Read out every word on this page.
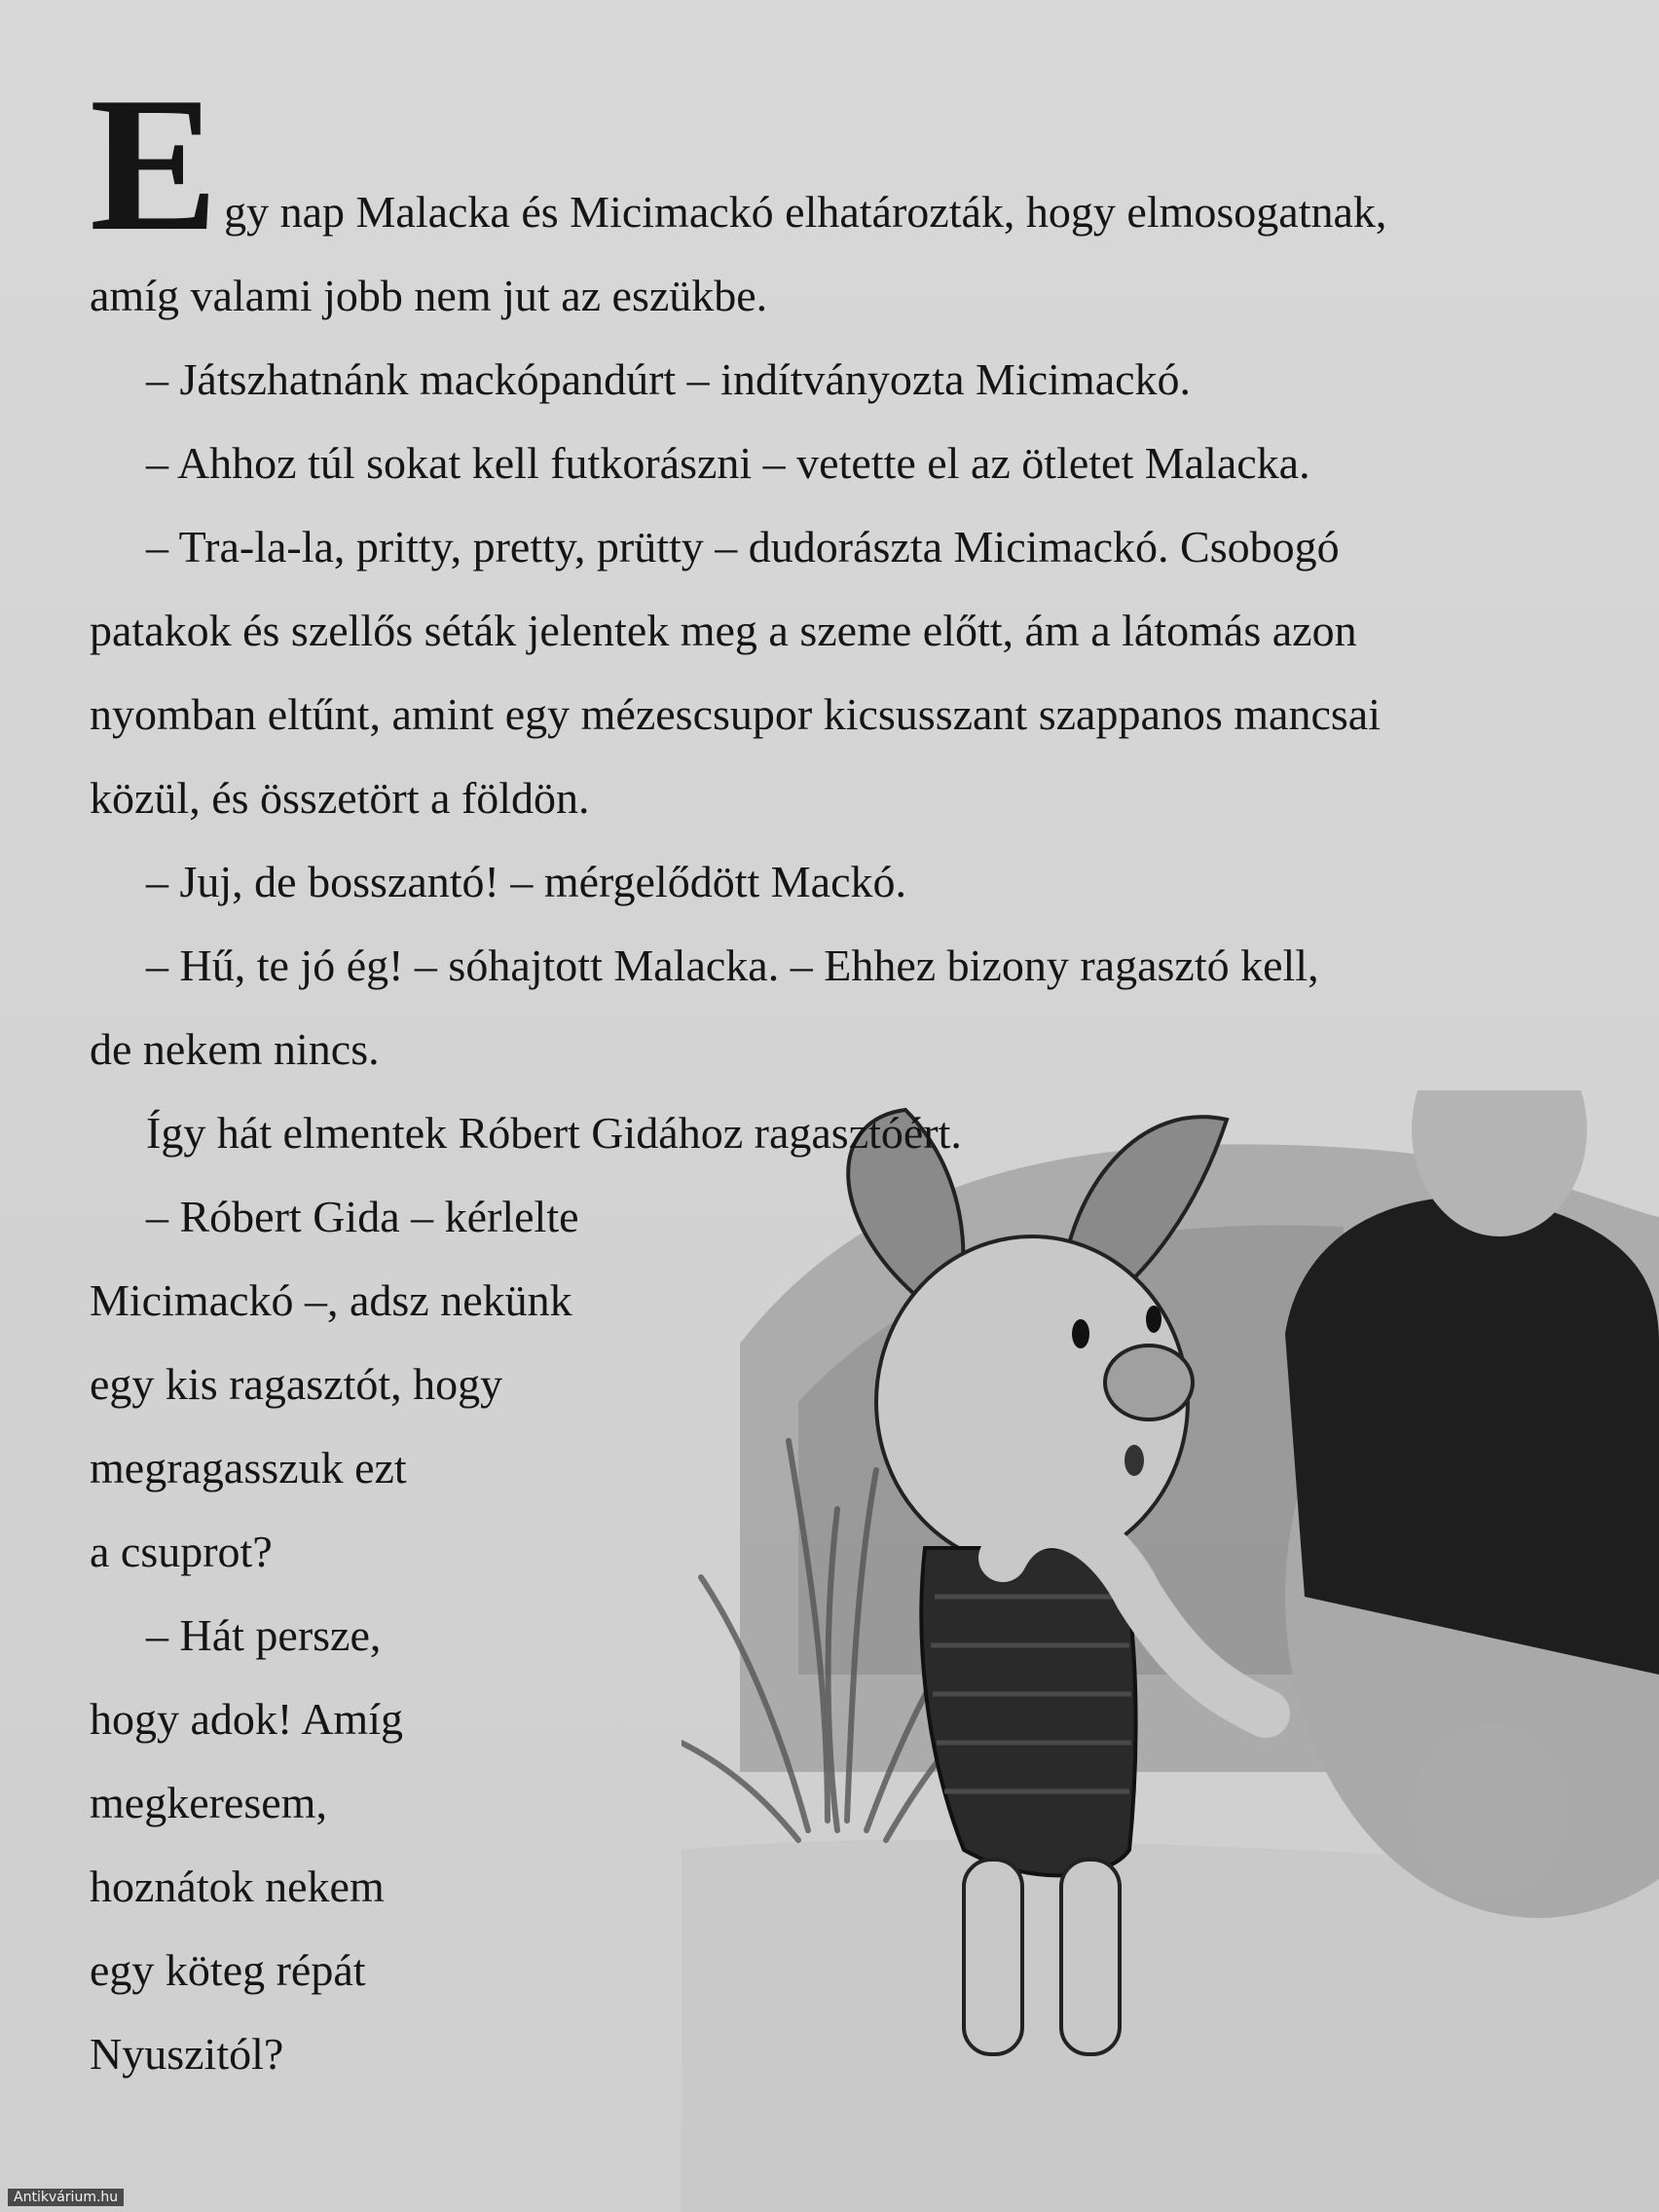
E gy nap Malacka és Micimackó elhatározták, hogy elmosogatnak,
amíg valami jobb nem jut az eszükbe.
– Játszhatnánk mackópandúrt – indítványozta Micimackó.
– Ahhoz túl sokat kell futkorászni – vetette el az ötletet Malacka.
– Tra-la-la, pritty, pretty, prütty – dudorászta Micimackó. Csobogó
patakok és szellős séták jelentek meg a szeme előtt, ám a látomás azon
nyomban eltűnt, amint egy mézescsupor kicsusszant szappanos mancsai
közül, és összetört a földön.
– Juj, de bosszantó! – mérgelődött Mackó.
– Hű, te jó ég! – sóhajtott Malacka. – Ehhez bizony ragasztó kell,
de nekem nincs.
Így hát elmentek Róbert Gidához ragasztóért.
– Róbert Gida – kérlelte
Micimackó –, adsz nekünk
egy kis ragasztót, hogy
megragasszuk ezt
a csuprot?
– Hát persze,
hogy adok! Amíg
megkeresem,
hoznátok nekem
egy köteg répát
Nyuszitól?
Antikvárium.hu
